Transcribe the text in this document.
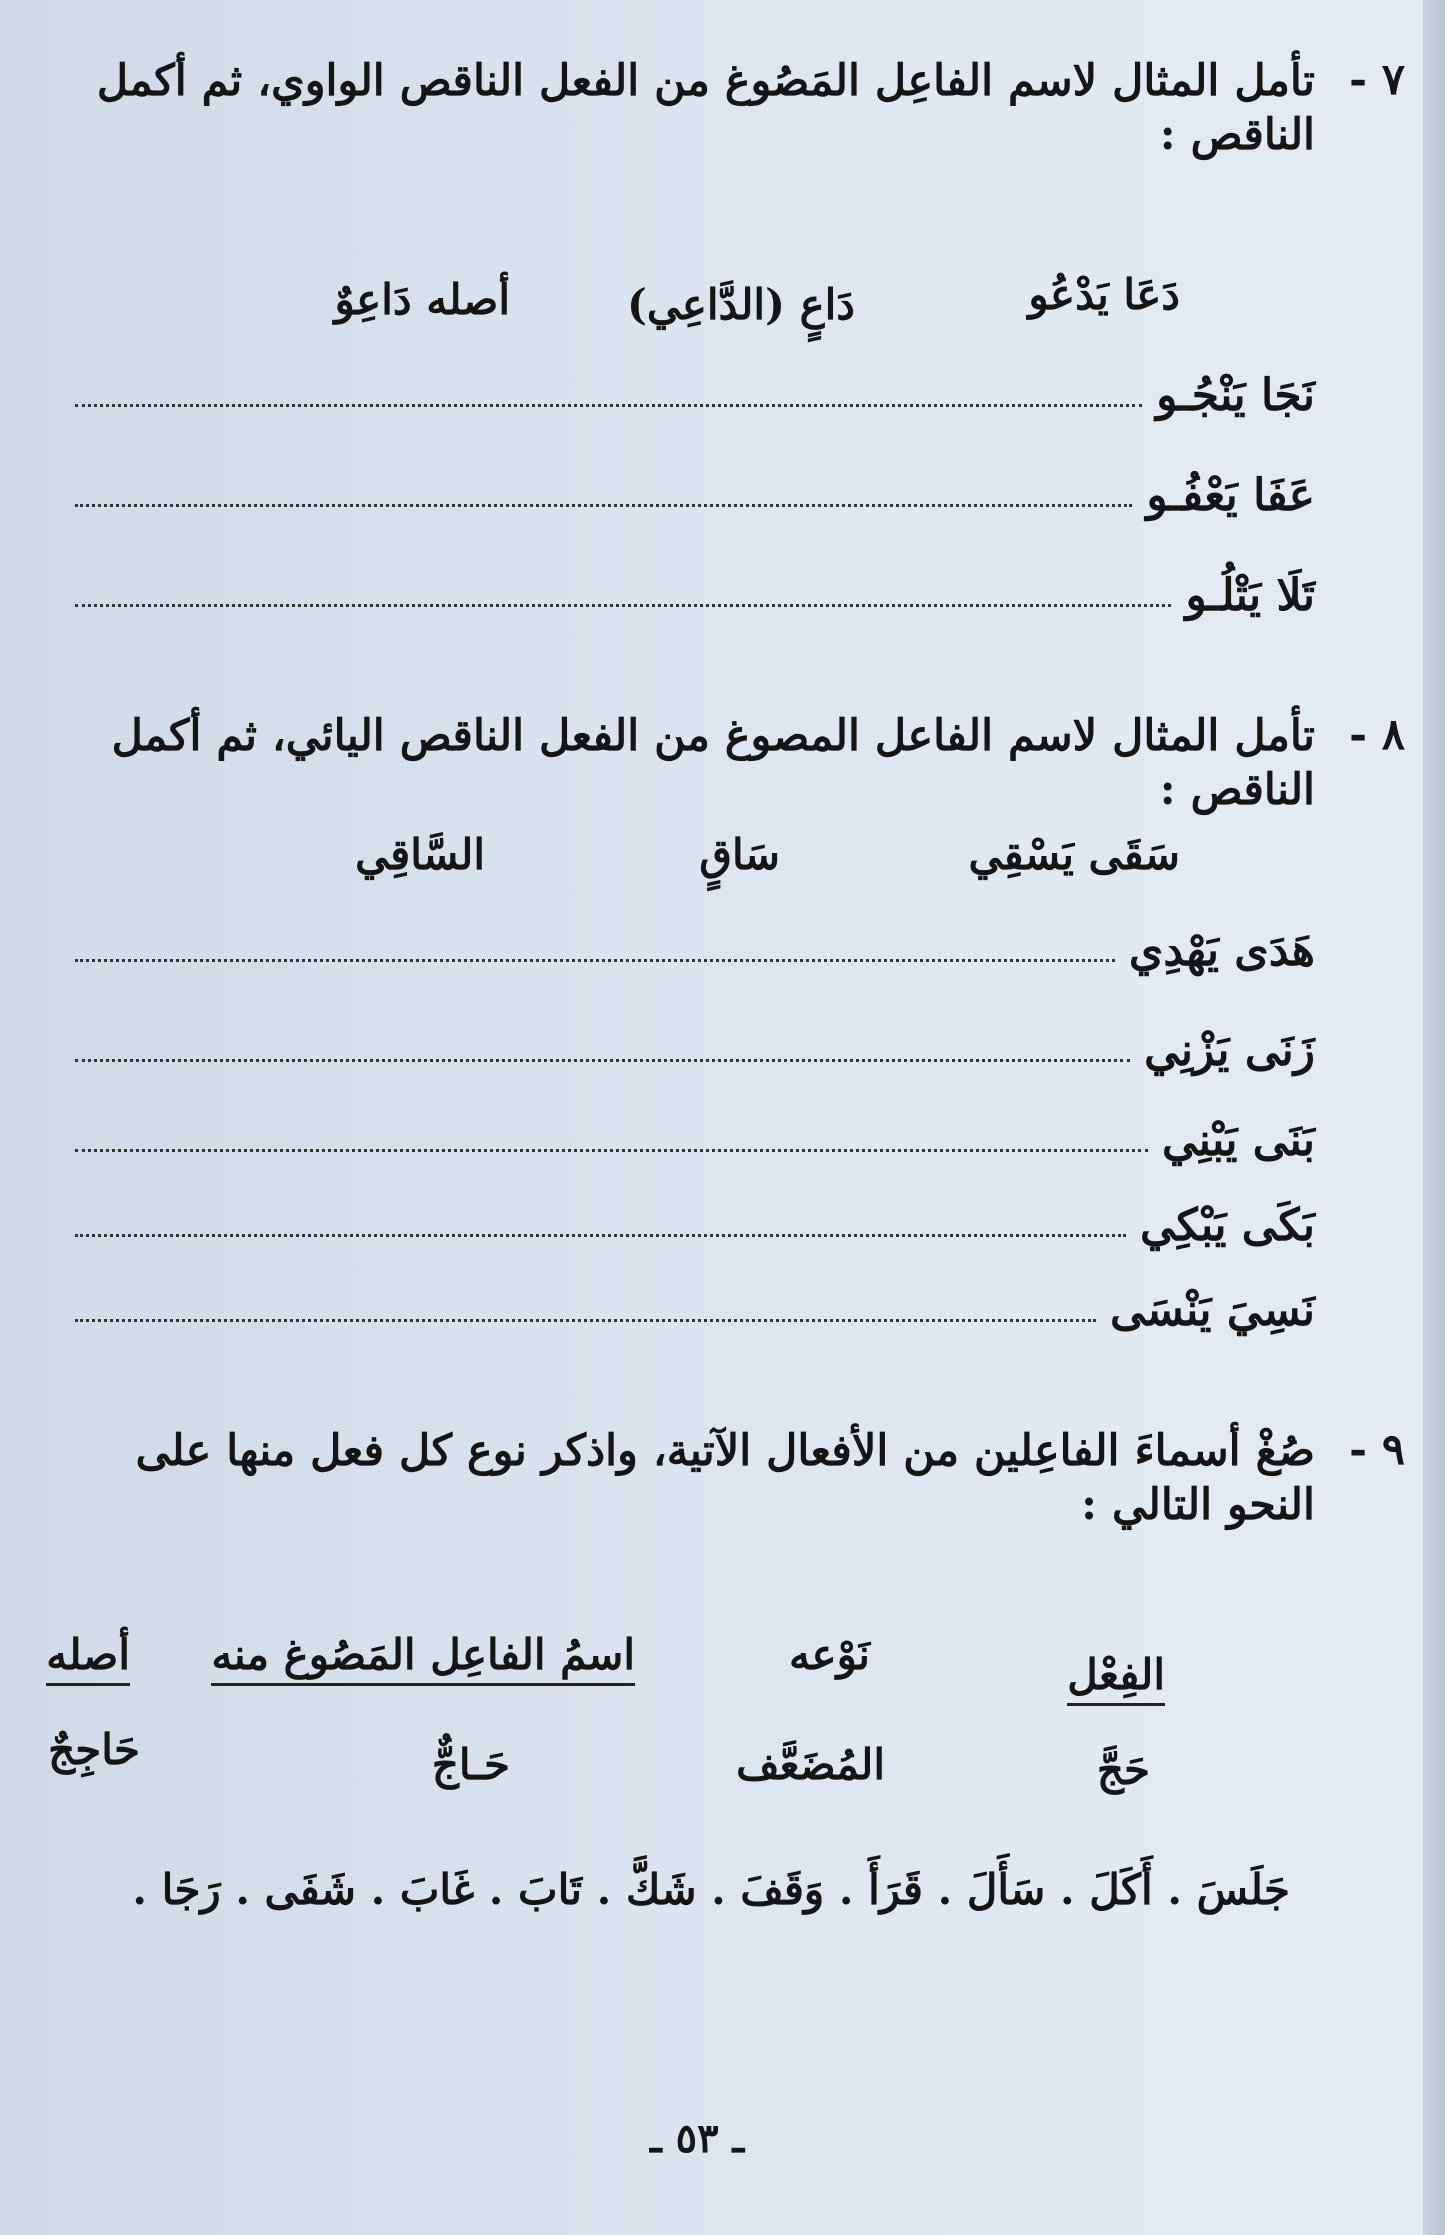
٧ -
تأمل المثال لاسم الفاعِل المَصُوغ من الفعل الناقص الواوي، ثم أكمل الناقص :
دَعَا يَدْعُو
دَاعٍ (الدَّاعِي)
أصله دَاعِوٌ
نَجَا يَنْجُـو
عَفَا يَعْفُـو
تَلَا يَتْلُـو
٨ -
تأمل المثال لاسم الفاعل المصوغ من الفعل الناقص اليائي، ثم أكمل الناقص :
سَقَى يَسْقِي
سَاقٍ
السَّاقِي
هَدَى يَهْدِي
زَنَى يَزْنِي
بَنَى يَبْنِي
بَكَى يَبْكِي
نَسِيَ يَنْسَى
٩ -
صُغْ أسماءَ الفاعِلين من الأفعال الآتية، واذكر نوع كل فعل منها على النحو التالي :
الفِعْل
نَوْعه
اسمُ الفاعِل المَصُوغ منه
أصله
حَجَّ
المُضَعَّف
حَـاجٌّ
حَاجِجٌ
جَلَسَ . أَكَلَ . سَأَلَ . قَرَأَ . وَقَفَ . شَكَّ . تَابَ . غَابَ . شَفَى . رَجَا .
ـ ٥٣ ـ
